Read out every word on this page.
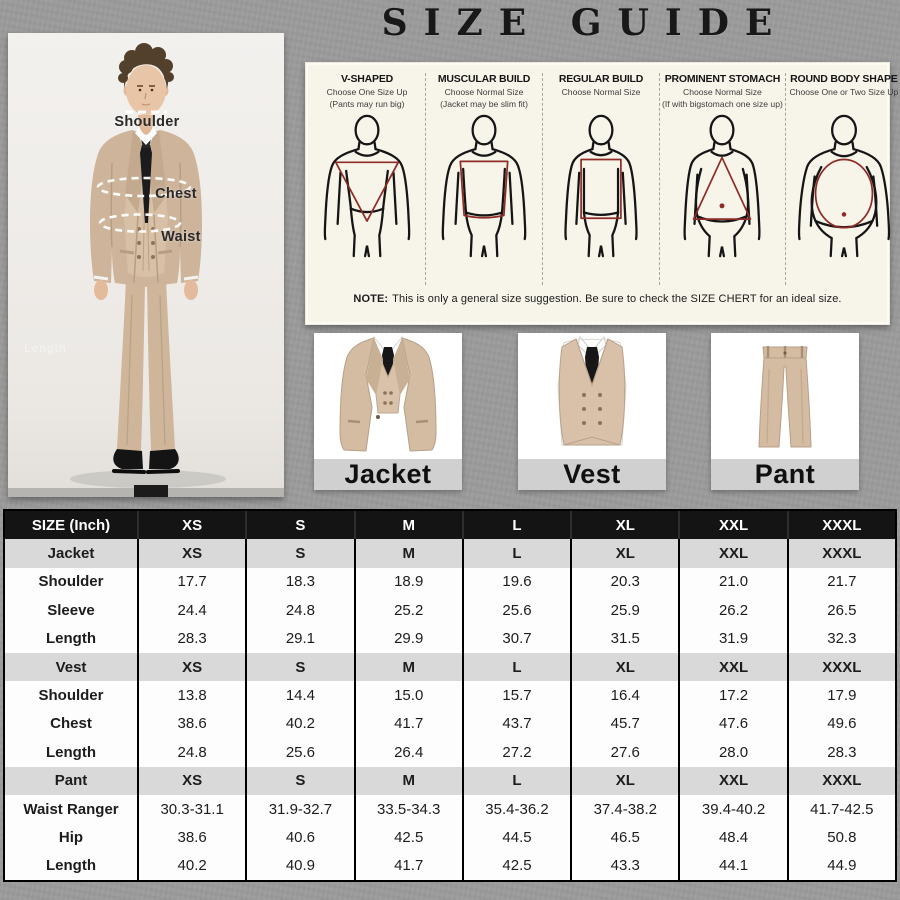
SIZE GUIDE
Shoulder
Chest
Waist
Length

V-SHAPED

Choose One Size Up

(Pants may run big)

MUSCULAR BUILD

Choose Normal Size

(Jacket may be slim fit)

REGULAR BUILD

Choose Normal Size

PROMINENT STOMACH

Choose Normal Size

(If with bigstomach one size up)

ROUND BODY SHAPE

Choose One or Two Size Up

NOTE: This is only a general size suggestion. Be sure to check the SIZE CHERT for an ideal size.
Jacket	Vest	Pant
SIZE (Inch)	XS	S	M	L	XL	XXL	XXXL
Jacket	XS	S	M	L	XL	XXL	XXXL
Shoulder	17.7	18.3	18.9	19.6	20.3	21.0	21.7
Sleeve	24.4	24.8	25.2	25.6	25.9	26.2	26.5
Length	28.3	29.1	29.9	30.7	31.5	31.9	32.3
Vest	XS	S	M	L	XL	XXL	XXXL
Shoulder	13.8	14.4	15.0	15.7	16.4	17.2	17.9
Chest	38.6	40.2	41.7	43.7	45.7	47.6	49.6
Length	24.8	25.6	26.4	27.2	27.6	28.0	28.3
Pant	XS	S	M	L	XL	XXL	XXXL
Waist Ranger	30.3-31.1	31.9-32.7	33.5-34.3	35.4-36.2	37.4-38.2	39.4-40.2	41.7-42.5
Hip	38.6	40.6	42.5	44.5	46.5	48.4	50.8
Length	40.2	40.9	41.7	42.5	43.3	44.1	44.9
